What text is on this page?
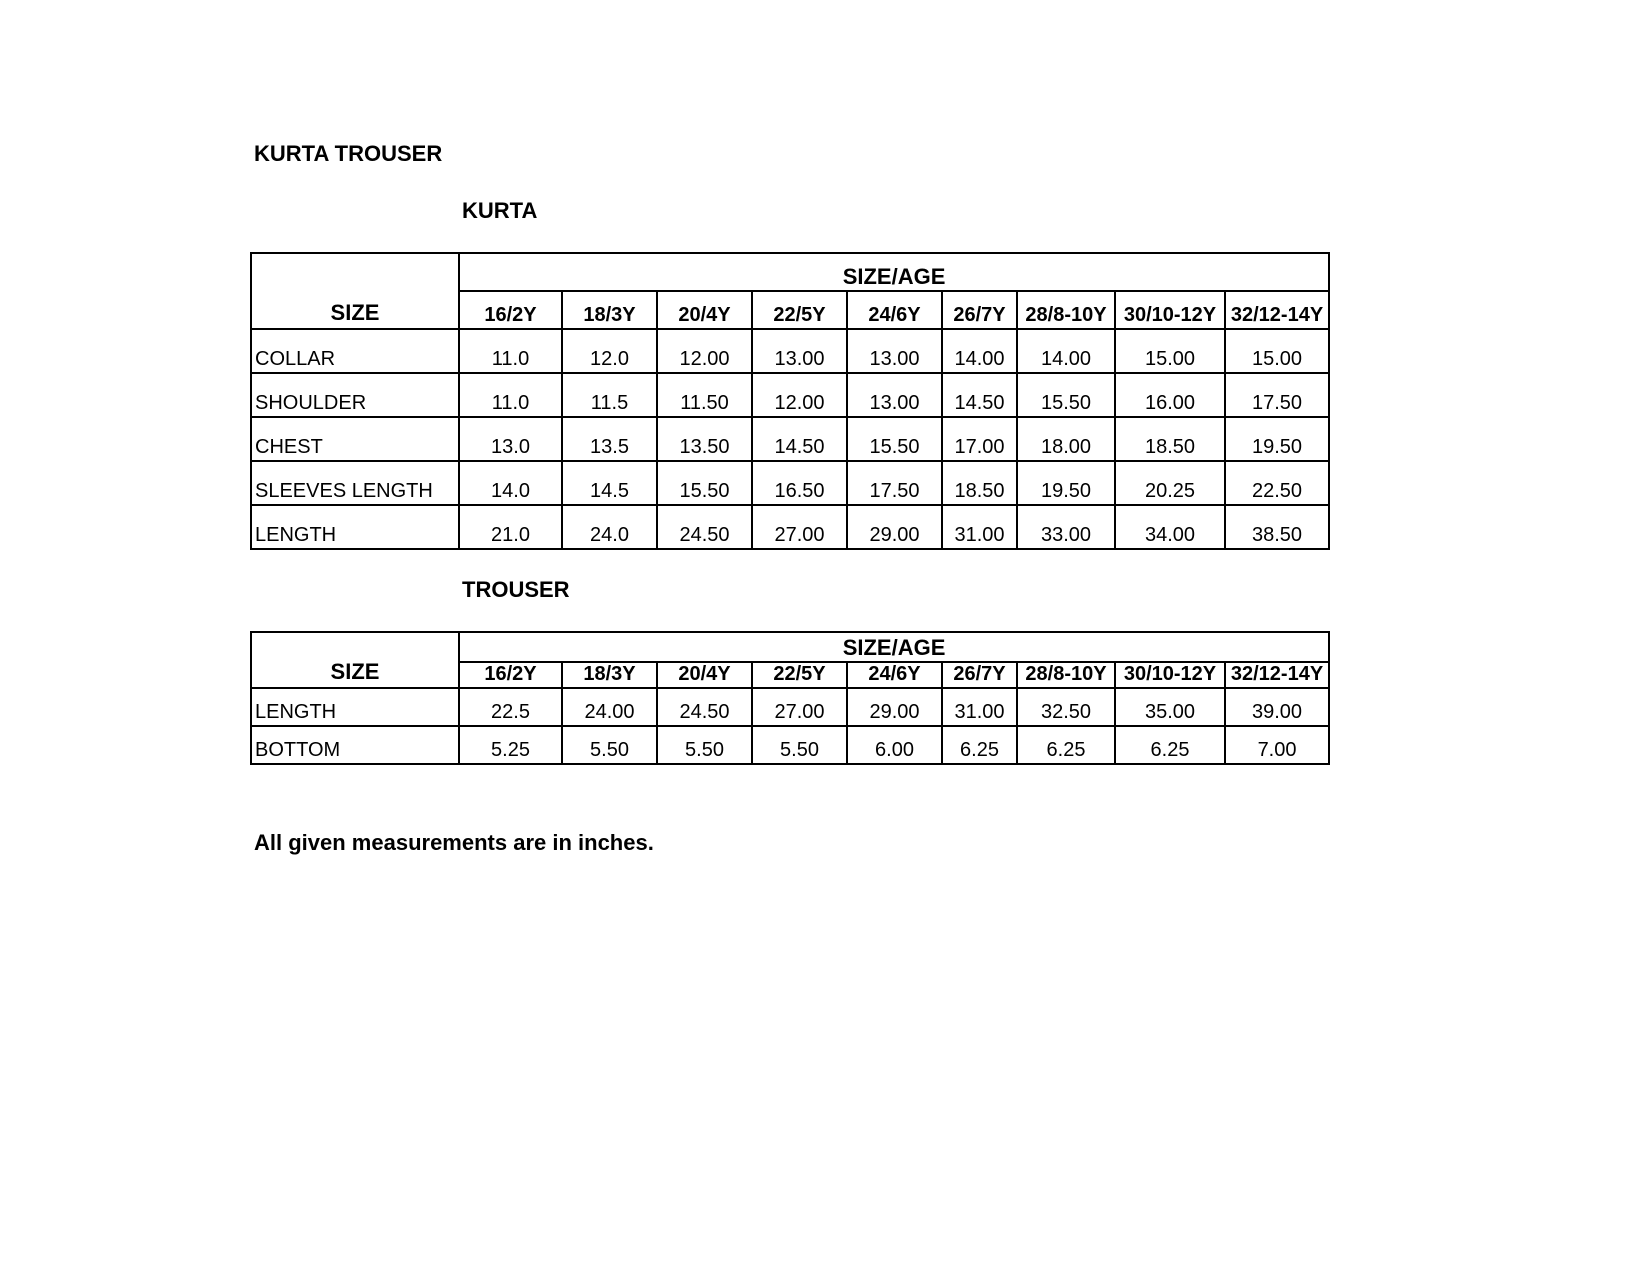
KURTA TROUSER
KURTA
SIZE	SIZE/AGE								
	16/2Y	18/3Y	20/4Y	22/5Y	24/6Y	26/7Y	28/8-10Y	30/10-12Y	32/12-14Y
COLLAR	11.0	12.0	12.00	13.00	13.00	14.00	14.00	15.00	15.00
SHOULDER	11.0	11.5	11.50	12.00	13.00	14.50	15.50	16.00	17.50
CHEST	13.0	13.5	13.50	14.50	15.50	17.00	18.00	18.50	19.50
SLEEVES LENGTH	14.0	14.5	15.50	16.50	17.50	18.50	19.50	20.25	22.50
LENGTH	21.0	24.0	24.50	27.00	29.00	31.00	33.00	34.00	38.50
TROUSER
SIZE	SIZE/AGE								
	16/2Y	18/3Y	20/4Y	22/5Y	24/6Y	26/7Y	28/8-10Y	30/10-12Y	32/12-14Y
LENGTH	22.5	24.00	24.50	27.00	29.00	31.00	32.50	35.00	39.00
BOTTOM	5.25	5.50	5.50	5.50	6.00	6.25	6.25	6.25	7.00

All given measurements are in inches.
